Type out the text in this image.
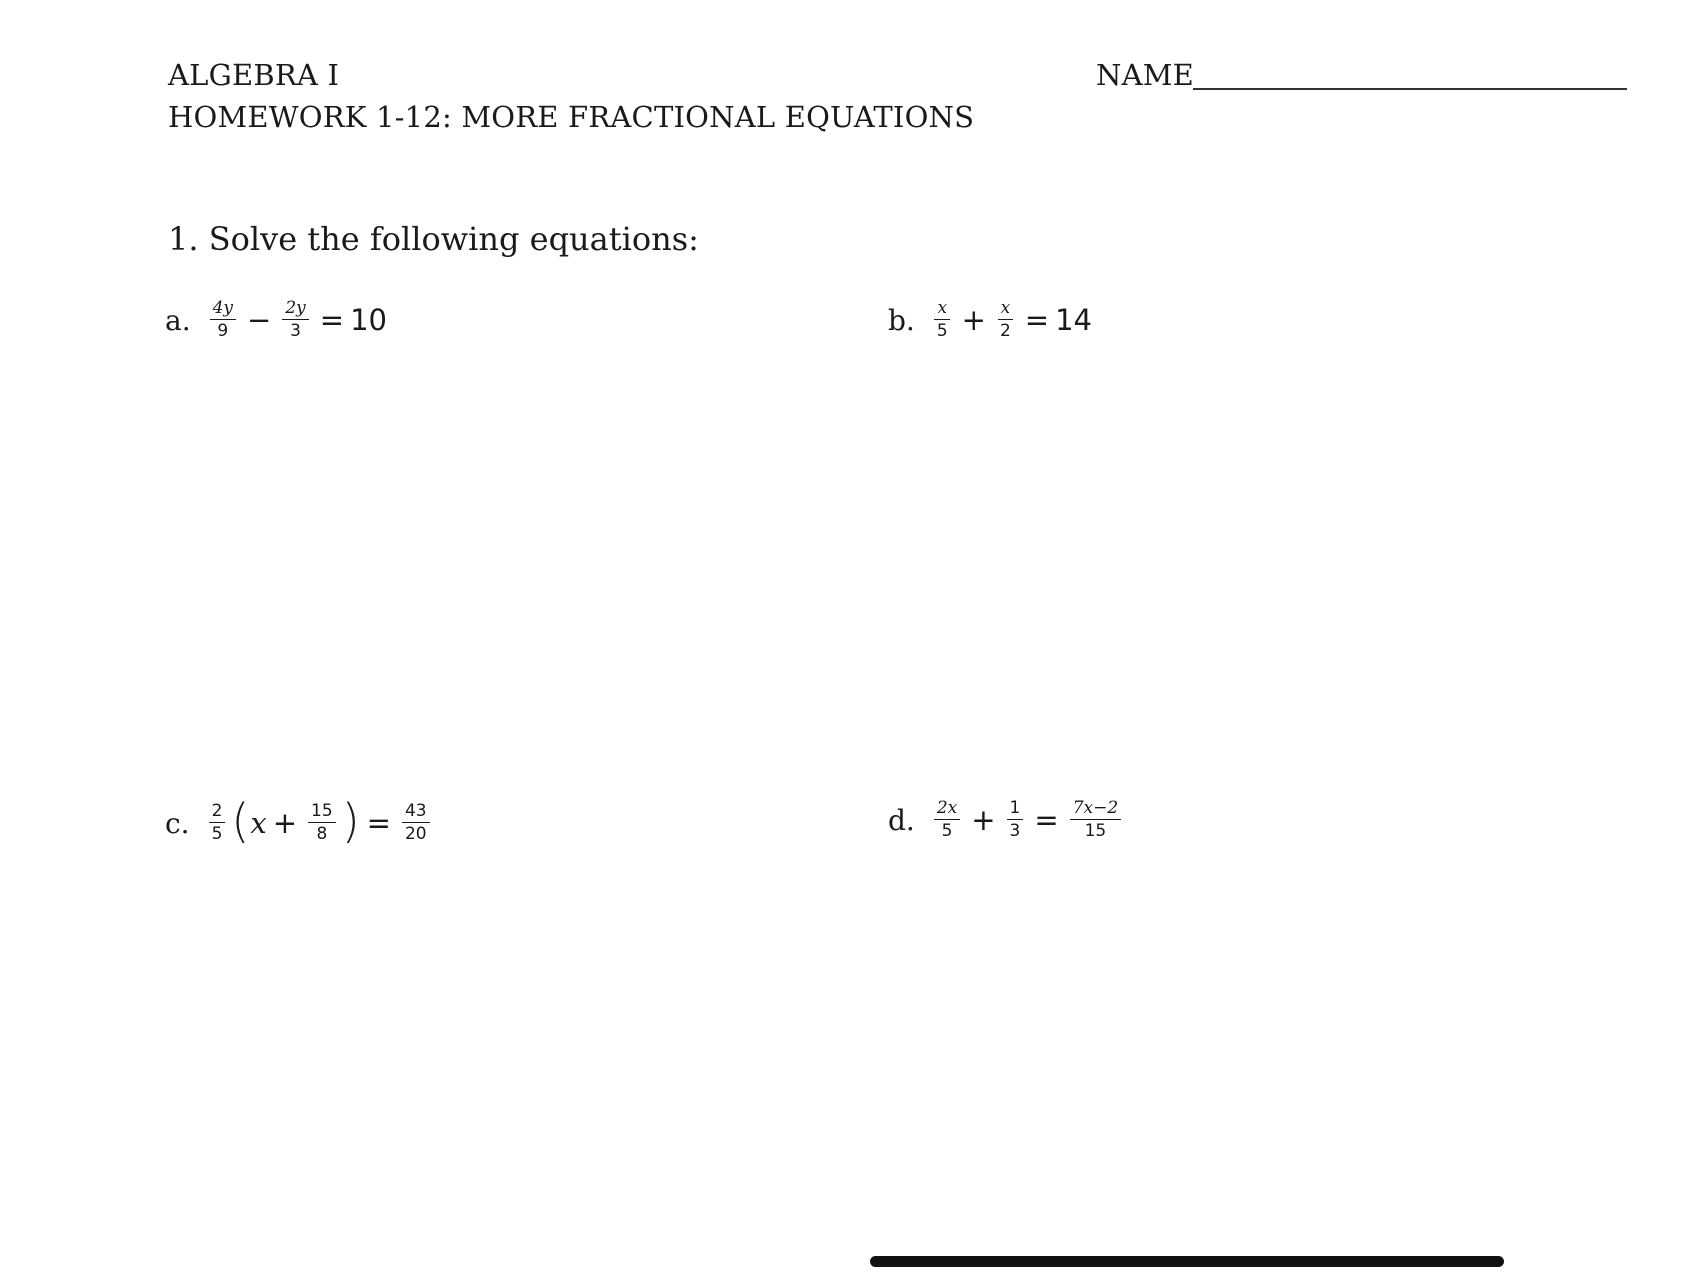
ALGEBRA I
HOMEWORK 1-12: MORE FRACTIONAL EQUATIONS
NAME
1. Solve the following equations:
a. $\frac{4y}{9} - \frac{2y}{3} = 10$	b. $\frac{x}{5} + \frac{x}{2} = 14$
c. $\frac{2}{5}$ ( $x + \frac{15}{8}$ ) = $\frac{43}{20}$	d. $\frac{2x}{5} + \frac{1}{3} = \frac{7x-2}{15}$
